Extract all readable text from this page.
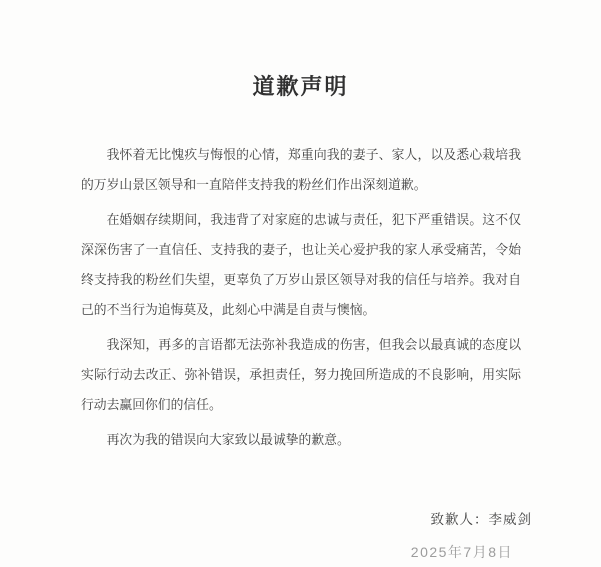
道歉声明

我怀着无比愧疚与悔恨的心情，郑重向我的妻子、家人，以及悉心栽培我的万岁山景区领导和一直陪伴支持我的粉丝们作出深刻道歉。

在婚姻存续期间，我违背了对家庭的忠诚与责任，犯下严重错误。这不仅深深伤害了一直信任、支持我的妻子，也让关心爱护我的家人承受痛苦，令始终支持我的粉丝们失望，更辜负了万岁山景区领导对我的信任与培养。我对自己的不当行为追悔莫及，此刻心中满是自责与懊恼。

我深知，再多的言语都无法弥补我造成的伤害，但我会以最真诚的态度以实际行动去改正、弥补错误，承担责任，努力挽回所造成的不良影响，用实际行动去赢回你们的信任。

再次为我的错误向大家致以最诚挚的歉意。

致歉人：李威剑
2025年7月8日
